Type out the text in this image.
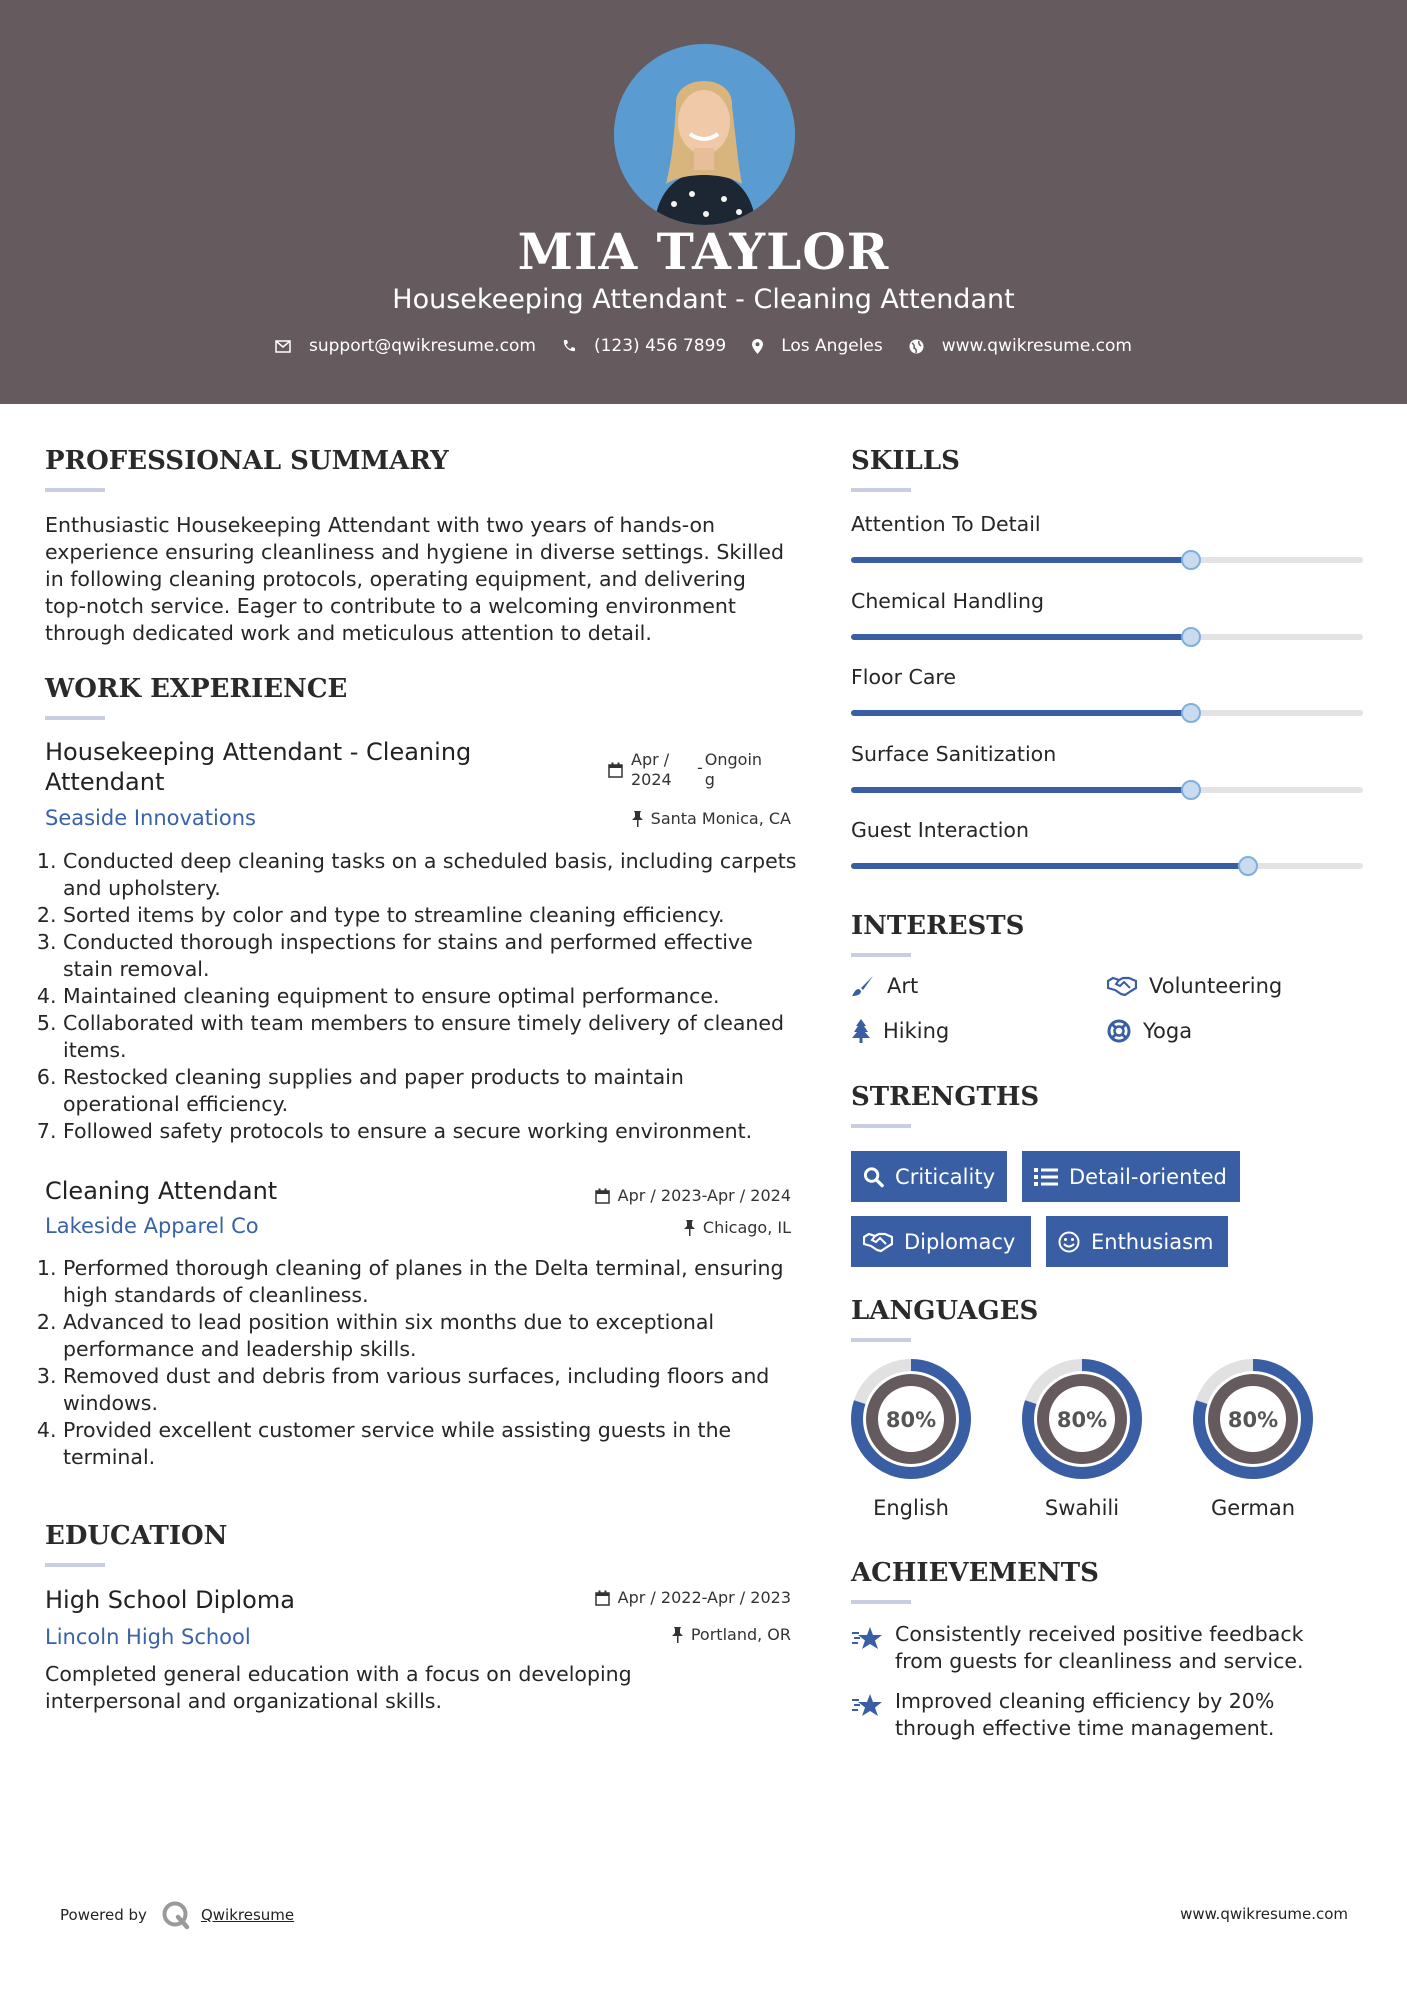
MIA TAYLOR
Housekeeping Attendant - Cleaning Attendant
support@qwikresume.com	(123) 456 7899	Los Angeles	www.qwikresume.com
PROFESSIONAL SUMMARY
Enthusiastic Housekeeping Attendant with two years of hands-on
experience ensuring cleanliness and hygiene in diverse settings. Skilled
in following cleaning protocols, operating equipment, and delivering
top-notch service. Eager to contribute to a welcoming environment
through dedicated work and meticulous attention to detail.
WORK EXPERIENCE
Housekeeping Attendant - Cleaning
Attendant
Apr /
2024
- Ongoin
g
Seaside Innovations	Santa Monica, CA
1. Conducted deep cleaning tasks on a scheduled basis, including carpets and upholstery.
2. Sorted items by color and type to streamline cleaning efficiency.
3. Conducted thorough inspections for stains and performed effective stain removal.
4. Maintained cleaning equipment to ensure optimal performance.
5. Collaborated with team members to ensure timely delivery of cleaned items.
6. Restocked cleaning supplies and paper products to maintain operational efficiency.
7. Followed safety protocols to ensure a secure working environment.
Cleaning Attendant	Apr / 2023-Apr / 2024
Lakeside Apparel Co	Chicago, IL
1. Performed thorough cleaning of planes in the Delta terminal, ensuring high standards of cleanliness.
2. Advanced to lead position within six months due to exceptional performance and leadership skills.
3. Removed dust and debris from various surfaces, including floors and windows.
4. Provided excellent customer service while assisting guests in the terminal.
EDUCATION
High School Diploma	Apr / 2022-Apr / 2023
Lincoln High School	Portland, OR
Completed general education with a focus on developing
interpersonal and organizational skills.
SKILLS
Attention To Detail
Chemical Handling
Floor Care
Surface Sanitization
Guest Interaction
INTERESTS
Art	Volunteering
Hiking	Yoga
STRENGTHS
Criticality	Detail-oriented
Diplomacy	Enthusiasm
LANGUAGES
80%
English
80%
Swahili
80%
German
ACHIEVEMENTS
Consistently received positive feedback
from guests for cleanliness and service.
Improved cleaning efficiency by 20%
through effective time management.
Powered by	Qwikresume	www.qwikresume.com
